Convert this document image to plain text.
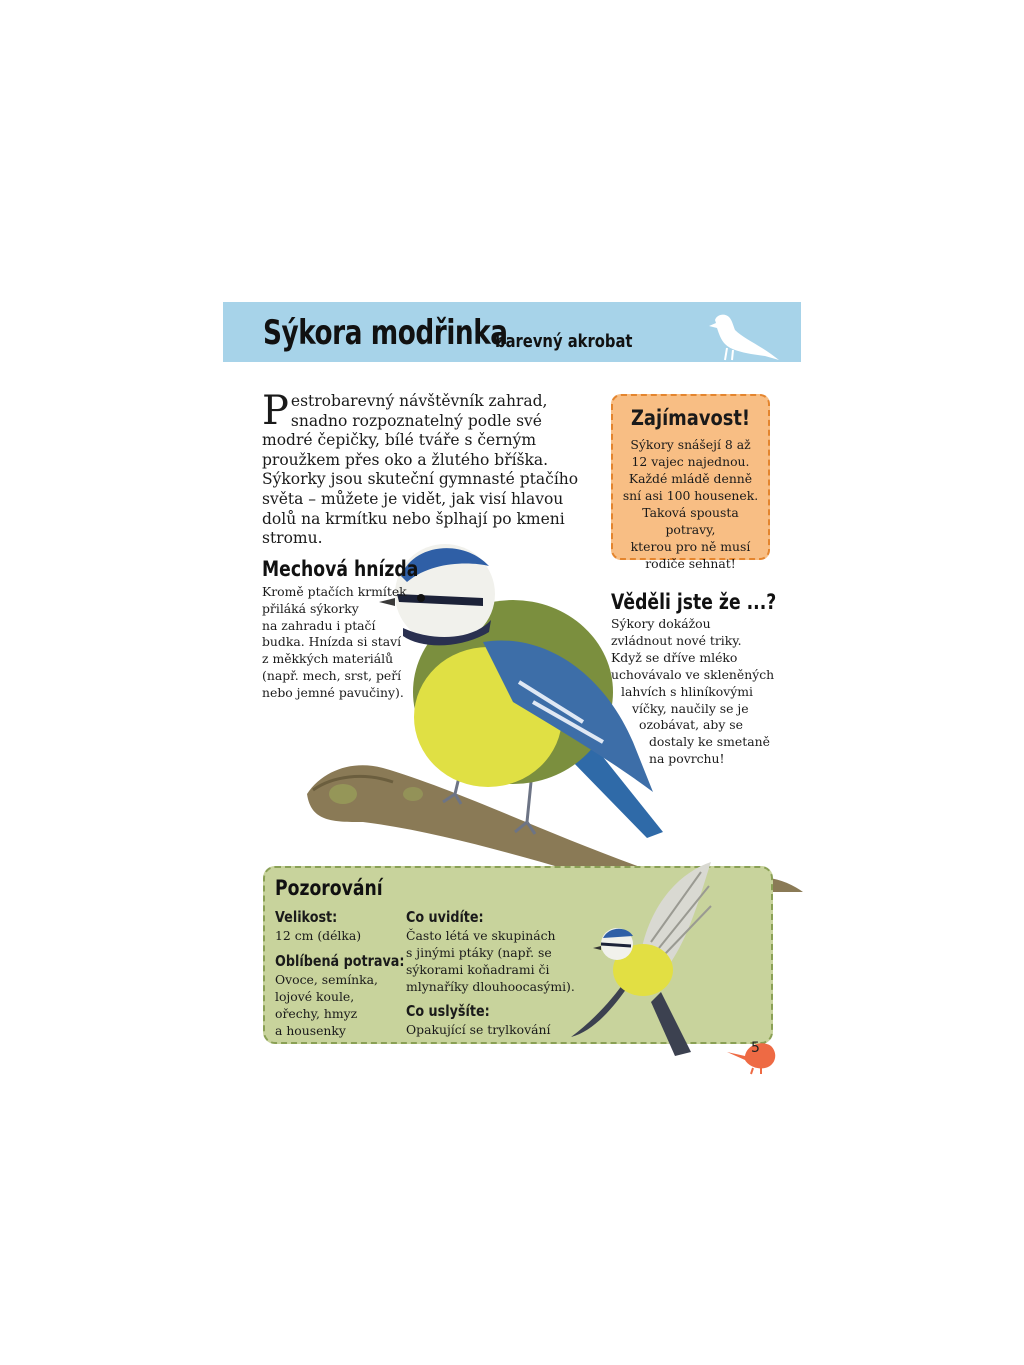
Sýkora modřinka
barevný akrobat
Pestrobarevný návštěvník zahrad, snadno rozpoznatelný podle své modré čepičky, bílé tváře s černým proužkem přes oko a žlutého bříška. Sýkorky jsou skuteční gymnasté ptačího světa – můžete je vidět, jak visí hlavou dolů na krmítku nebo šplhají po kmeni stromu.
Zajímavost!

Sýkory snášejí 8 až
12 vajec najednou.
Každé mládě denně
sní asi 100 housenek.
Taková spousta potravy,
kterou pro ně musí
rodiče sehnat!

Mechová hnízda
Kromě ptačích krmítek
přiláká sýkorky
na zahradu i ptačí
budka. Hnízda si staví
z měkkých materiálů
(např. mech, srst, peří
nebo jemné pavučiny).
Věděli jste že ...?
Sýkory dokážou
zvládnout nové triky.
Když se dříve mléko
uchovávalo ve skleněných
lahvích s hliníkovými
víčky, naučily se je
ozobávat, aby se
dostaly ke smetaně
na povrchu!
Pozorování
Velikost:
12 cm (délka)
Oblíbená potrava:
Ovoce, semínka,
lojové koule,
ořechy, hmyz
a housenky
Co uvidíte:
Často létá ve skupinách
s jinými ptáky (např. se
sýkorami koňadrami či
mlynaříky dlouhoocasými).
Co uslyšíte:
Opakující se trylkování
5
